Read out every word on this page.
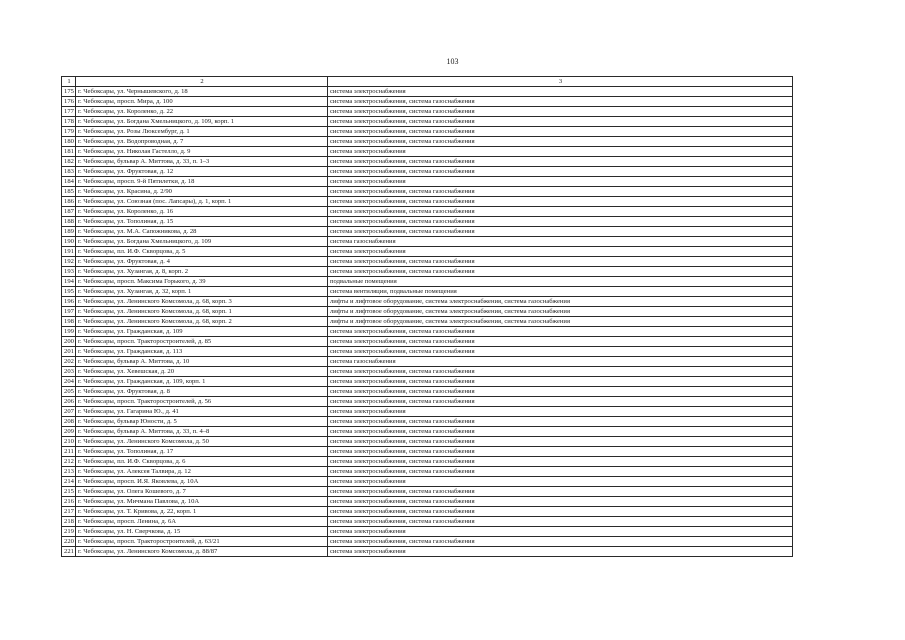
103
1	2	3
175	г. Чебоксары, ул. Чернышевского, д. 18	система электроснабжения
176	г. Чебоксары, просп. Мира, д. 100	система электроснабжения, система газоснабжения
177	г. Чебоксары, ул. Короленко, д. 22	система электроснабжения, система газоснабжения
178	г. Чебоксары, ул. Богдана Хмельницкого, д. 109, корп. 1	система электроснабжения, система газоснабжения
179	г. Чебоксары, ул. Розы Люксембург, д. 1	система электроснабжения, система газоснабжения
180	г. Чебоксары, ул. Водопроводная, д. 7	система электроснабжения, система газоснабжения
181	г. Чебоксары, ул. Николая Гастелло, д. 9	система электроснабжения
182	г. Чебоксары, бульвар А. Миттова, д. 33, п. 1–3	система электроснабжения, система газоснабжения
183	г. Чебоксары, ул. Фруктовая, д. 12	система электроснабжения, система газоснабжения
184	г. Чебоксары, просп. 9-й Пятилетки, д. 18	система электроснабжения
185	г. Чебоксары, ул. Красина, д. 2/90	система электроснабжения, система газоснабжения
186	г. Чебоксары, ул. Союзная (пос. Лапсары), д. 1, корп. 1	система электроснабжения, система газоснабжения
187	г. Чебоксары, ул. Короленко, д. 16	система электроснабжения, система газоснабжения
188	г. Чебоксары, ул. Тополиная, д. 15	система электроснабжения, система газоснабжения
189	г. Чебоксары, ул. М.А. Сапожникова, д. 28	система электроснабжения, система газоснабжения
190	г. Чебоксары, ул. Богдана Хмельницкого, д. 109	система газоснабжения
191	г. Чебоксары, пл. И.Ф. Скворцова, д. 5	система электроснабжения
192	г. Чебоксары, ул. Фруктовая, д. 4	система электроснабжения, система газоснабжения
193	г. Чебоксары, ул. Хузангая, д. 8, корп. 2	система электроснабжения, система газоснабжения
194	г. Чебоксары, просп. Максима Горького, д. 39	подвальные помещения
195	г. Чебоксары, ул. Хузангая, д. 32, корп. 1	система вентиляции, подвальные помещения
196	г. Чебоксары, ул. Ленинского Комсомола, д. 68, корп. 3	лифты и лифтовое оборудование, система электроснабжения, система газоснабжения
197	г. Чебоксары, ул. Ленинского Комсомола, д. 68, корп. 1	лифты и лифтовое оборудование, система электроснабжения, система газоснабжения
198	г. Чебоксары, ул. Ленинского Комсомола, д. 68, корп. 2	лифты и лифтовое оборудование, система электроснабжения, система газоснабжения
199	г. Чебоксары, ул. Гражданская, д. 109	система электроснабжения, система газоснабжения
200	г. Чебоксары, просп. Тракторостроителей, д. 85	система электроснабжения, система газоснабжения
201	г. Чебоксары, ул. Гражданская, д. 113	система электроснабжения, система газоснабжения
202	г. Чебоксары, бульвар А. Миттова, д. 10	система газоснабжения
203	г. Чебоксары, ул. Хевешская, д. 20	система электроснабжения, система газоснабжения
204	г. Чебоксары, ул. Гражданская, д. 109, корп. 1	система электроснабжения, система газоснабжения
205	г. Чебоксары, ул. Фруктовая, д. 8	система электроснабжения, система газоснабжения
206	г. Чебоксары, просп. Тракторостроителей, д. 56	система электроснабжения, система газоснабжения
207	г. Чебоксары, ул. Гагарина Ю., д. 41	система электроснабжения
208	г. Чебоксары, бульвар Юности, д. 5	система электроснабжения, система газоснабжения
209	г. Чебоксары, бульвар А. Миттова, д. 33, п. 4–8	система электроснабжения, система газоснабжения
210	г. Чебоксары, ул. Ленинского Комсомола, д. 50	система электроснабжения, система газоснабжения
211	г. Чебоксары, ул. Тополиная, д. 17	система электроснабжения, система газоснабжения
212	г. Чебоксары, пл. И.Ф. Скворцова, д. 6	система электроснабжения, система газоснабжения
213	г. Чебоксары, ул. Алексея Талвира, д. 12	система электроснабжения, система газоснабжения
214	г. Чебоксары, просп. И.Я. Яковлева, д. 10А	система электроснабжения
215	г. Чебоксары, ул. Олега Кошевого, д. 7	система электроснабжения, система газоснабжения
216	г. Чебоксары, ул. Мичмана Павлова, д. 10А	система электроснабжения, система газоснабжения
217	г. Чебоксары, ул. Т. Кривова, д. 22, корп. 1	система электроснабжения, система газоснабжения
218	г. Чебоксары, просп. Ленина, д. 6А	система электроснабжения, система газоснабжения
219	г. Чебоксары, ул. Н. Сверчкова, д. 15	система электроснабжения
220	г. Чебоксары, просп. Тракторостроителей, д. 63/21	система электроснабжения, система газоснабжения
221	г. Чебоксары, ул. Ленинского Комсомола, д. 88/87	система электроснабжения
